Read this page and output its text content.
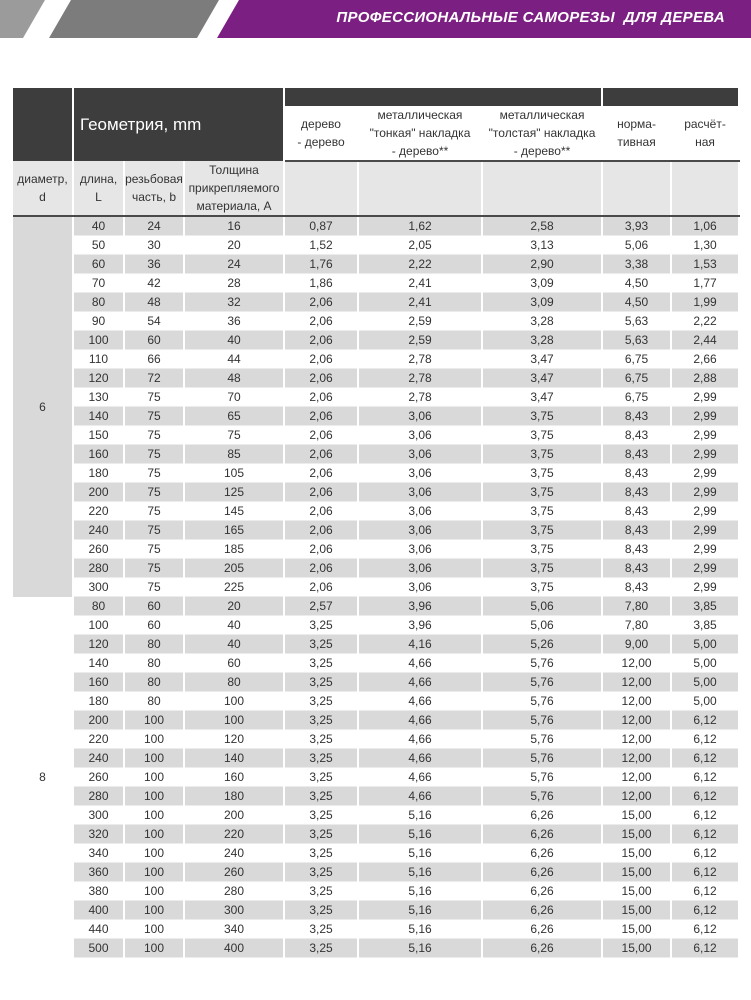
ПРОФЕССИОНАЛЬНЫЕ САМОРЕЗЫ  ДЛЯ ДЕРЕВА
	Геометрия, mm							
				дерево
- дерево	металлическая
"тонкая" накладка
- дерево**	металлическая
"толстая" накладка
- дерево**	норма-
тивная	расчёт-
ная
диаметр,
d	длина,
L	резьбовая
часть, b	Толщина
прикрепляемого
материала, A					
6	40	24	16	0,87	1,62	2,58	3,93	1,06
	50	30	20	1,52	2,05	3,13	5,06	1,30
	60	36	24	1,76	2,22	2,90	3,38	1,53
	70	42	28	1,86	2,41	3,09	4,50	1,77
	80	48	32	2,06	2,41	3,09	4,50	1,99
	90	54	36	2,06	2,59	3,28	5,63	2,22
	100	60	40	2,06	2,59	3,28	5,63	2,44
	110	66	44	2,06	2,78	3,47	6,75	2,66
	120	72	48	2,06	2,78	3,47	6,75	2,88
	130	75	70	2,06	2,78	3,47	6,75	2,99
	140	75	65	2,06	3,06	3,75	8,43	2,99
	150	75	75	2,06	3,06	3,75	8,43	2,99
	160	75	85	2,06	3,06	3,75	8,43	2,99
	180	75	105	2,06	3,06	3,75	8,43	2,99
	200	75	125	2,06	3,06	3,75	8,43	2,99
	220	75	145	2,06	3,06	3,75	8,43	2,99
	240	75	165	2,06	3,06	3,75	8,43	2,99
	260	75	185	2,06	3,06	3,75	8,43	2,99
	280	75	205	2,06	3,06	3,75	8,43	2,99
	300	75	225	2,06	3,06	3,75	8,43	2,99
8	80	60	20	2,57	3,96	5,06	7,80	3,85
	100	60	40	3,25	3,96	5,06	7,80	3,85
	120	80	40	3,25	4,16	5,26	9,00	5,00
	140	80	60	3,25	4,66	5,76	12,00	5,00
	160	80	80	3,25	4,66	5,76	12,00	5,00
	180	80	100	3,25	4,66	5,76	12,00	5,00
	200	100	100	3,25	4,66	5,76	12,00	6,12
	220	100	120	3,25	4,66	5,76	12,00	6,12
	240	100	140	3,25	4,66	5,76	12,00	6,12
	260	100	160	3,25	4,66	5,76	12,00	6,12
	280	100	180	3,25	4,66	5,76	12,00	6,12
	300	100	200	3,25	5,16	6,26	15,00	6,12
	320	100	220	3,25	5,16	6,26	15,00	6,12
	340	100	240	3,25	5,16	6,26	15,00	6,12
	360	100	260	3,25	5,16	6,26	15,00	6,12
	380	100	280	3,25	5,16	6,26	15,00	6,12
	400	100	300	3,25	5,16	6,26	15,00	6,12
	440	100	340	3,25	5,16	6,26	15,00	6,12
	500	100	400	3,25	5,16	6,26	15,00	6,12
